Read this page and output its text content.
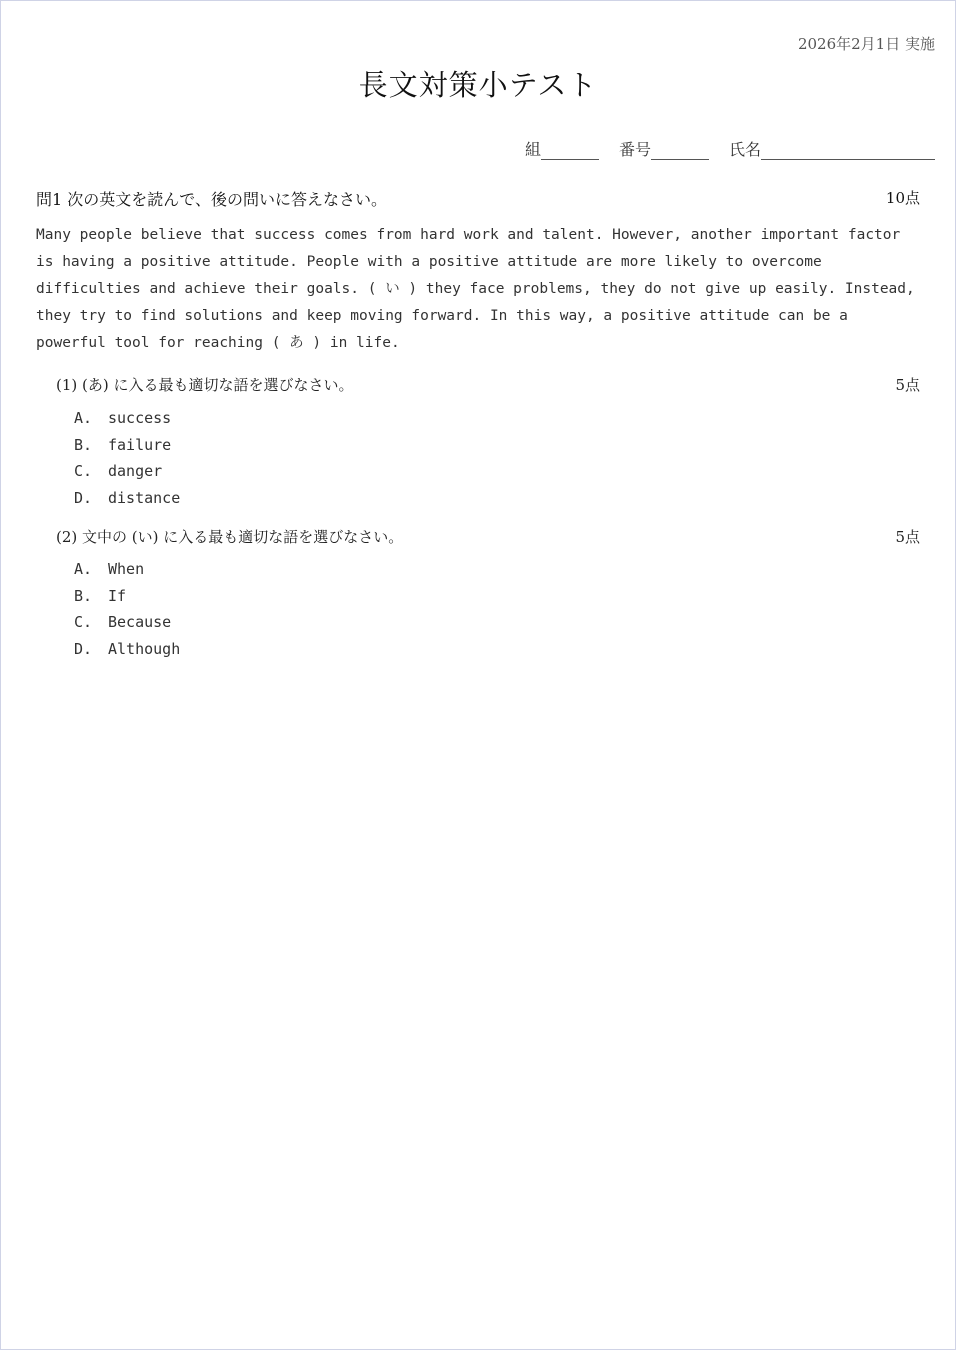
2026年2月1日 実施
長文対策小テスト
組	番号	氏名
問1 次の英文を読んで、後の問いに答えなさい。	10点
Many people believe that success comes from hard work and talent. However, another important factor is having a positive attitude. People with a positive attitude are more likely to overcome difficulties and achieve their goals. ( い ) they face problems, they do not give up easily. Instead, they try to find solutions and keep moving forward. In this way, a positive attitude can be a powerful tool for reaching ( あ ) in life.
(1) (あ) に入る最も適切な語を選びなさい。	5点
A.	success
B.	failure
C.	danger
D.	distance
(2) 文中の (い) に入る最も適切な語を選びなさい。	5点
A.	When
B.	If
C.	Because
D.	Although
